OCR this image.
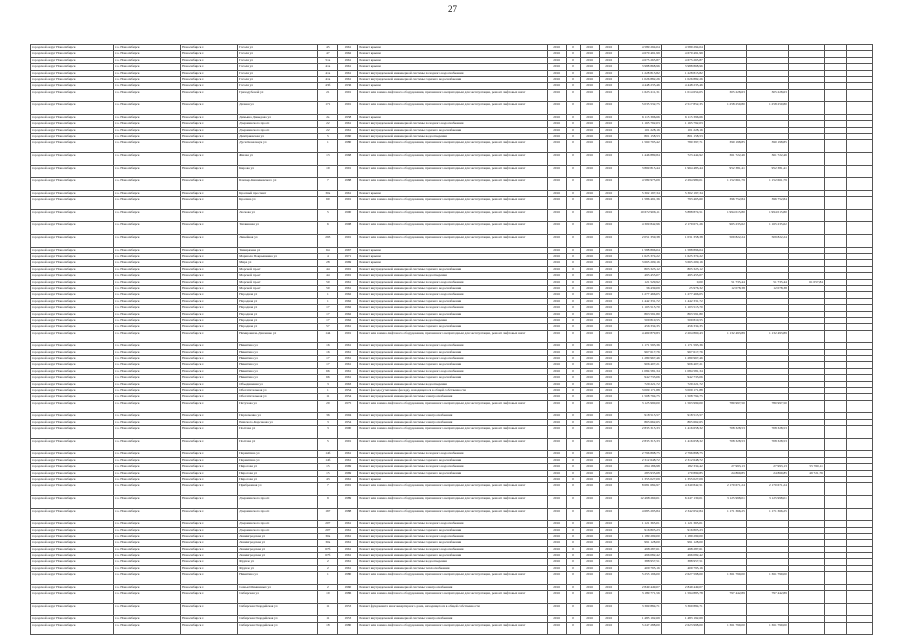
27
городской округ Новосибирск	г.о. Новосибирск	Новосибирск г.	Гоголя ул	45	1961	Ремонт крыши	2016	0	2016	2016	4 589 294,04	4 589 294,04					
городской округ Новосибирск	г.о. Новосибирск	Новосибирск г.	Гоголя ул	47	1962	Ремонт крыши	2016	0	2016	2016	4 670 491,99	4 670 491,99					
городской округ Новосибирск	г.о. Новосибирск	Новосибирск г.	Гоголя ул	51а	1961	Ремонт крыши	2016	0	2016	2016	4 675 265,87	4 675 265,87					
городской округ Новосибирск	г.о. Новосибирск	Новосибирск г.	Гоголя ул	41а	1961	Ремонт крыши	2016	0	2016	2016	3 988 868,96	3 988 868,96					
городской округ Новосибирск	г.о. Новосибирск	Новосибирск г.	Гоголя ул	41а	1961	Ремонт внутридомовой инженерной системы холодного водоснабжения	2016	0	2016	2016	1 228 813,82	1 228 813,82					
городской округ Новосибирск	г.о. Новосибирск	Новосибирск г.	Гоголя ул	41а	1961	Ремонт внутридомовой инженерной системы горячего водоснабжения	2016	0	2016	2016	1 026 882,26	1 026 882,26					
городской округ Новосибирск	г.о. Новосибирск	Новосибирск г.	Гоголя ул	43б	1936	Ремонт крыши	2016	0	2016	2016	4 448 235,46	4 448 235,46					
городской округ Новосибирск	г.о. Новосибирск	Новосибирск г.	Гризодубовой ул	21	1991	Ремонт или замена лифтового оборудования, признанного непригодным для эксплуатации, ремонт лифтовых шахт	2016	0	2016	2016	1 625 211,31	1 014 654,05	305 228,63	305 228,63			
городской округ Новосибирск	г.о. Новосибирск	Новосибирск г.	Дачная ул	171	1991	Ремонт или замена лифтового оборудования, признанного непригодным для эксплуатации, ремонт лифтовых шахт	2016	0	2016	2016	5 035 532,75	2 517 852,35	1 258 250,80	1 258 250,80			
городской округ Новосибирск	г.о. Новосибирск	Новосибирск г.	Демьяна Давыдова ул	2а	1958	Ремонт крыши	2016	0	2016	2016	6 115 396,66	6 115 396,66					
городской округ Новосибирск	г.о. Новосибирск	Новосибирск г.	Дзержинского просп	22	1961	Ремонт внутридомовой инженерной системы холодного водоснабжения	2016	0	2016	2016	1 165 792,03	1 165 792,03					
городской округ Новосибирск	г.о. Новосибирск	Новосибирск г.	Дзержинского просп	22	1961	Ремонт внутридомовой инженерной системы горячего водоснабжения	2016	0	2016	2016	101 228,16	101 228,16					
городской округ Новосибирск	г.о. Новосибирск	Новосибирск г.	Дмитриевская ул	5	1960	Ремонт внутридомовой инженерной системы водоотведения	2016	0	2016	2016	801 158,53	801 158,53					
городской округ Новосибирск	г.о. Новосибирск	Новосибирск г.	Дуси Ковальчук ул	1	1980	Ремонт или замена лифтового оборудования, признанного непригодным для эксплуатации, ремонт лифтовых шахт	2016	0	2016	2016	1 560 795,42	780 397,71	390 198,85	390 198,85			
городской округ Новосибирск	г.о. Новосибирск	Новосибирск г.	Жилая ул	13	1968	Ремонт или замена лифтового оборудования, признанного непригодным для эксплуатации, ремонт лифтовых шахт	2016	0	2016	2016	1 446 889,84	723 444,92	361 722,46	361 722,46			
городской округ Новосибирск	г.о. Новосибирск	Новосибирск г.	Кирова ул	19	1991	Ремонт или замена лифтового оборудования, признанного непригодным для эксплуатации, ремонт лифтовых шахт	2016	0	2016	2016	3 869 815,44	1 964 483,44	952 381,41	952 381,41			
городской округ Новосибирск	г.о. Новосибирск	Новосибирск г.	Блюхер-Кишиневского ул	7	1988	Ремонт или замена лифтового оборудования, признанного непригодным для эксплуатации, ремонт лифтовых шахт	2016	0	2016	2016	4 589 975,09	2 294 980,01	1 152 661,79	1 152 661,79			
городской округ Новосибирск	г.о. Новосибирск	Новосибирск г.	Красный проспект	30а	1961	Ремонт крыши	2016	0	2016	2016	5 302 197,34	5 302 197,34					
городской округ Новосибирск	г.о. Новосибирск	Новосибирск г.	Красина ул	60	1991	Ремонт или замена лифтового оборудования, признанного непригодным для эксплуатации, ремонт лифтовых шахт	2016	0	2016	2016	1 586 491,36	793 465,60	396 752,84	396 752,84			
городской округ Новосибирск	г.о. Новосибирск	Новосибирск г.	Лескова ул	5	1990	Ремонт или замена лифтового оборудования, признанного непригодным для эксплуатации, ремонт лифтовых шахт	2016	0	2016	2016	10 672 906,11	5 888 874,51	1 994 015,80	1 994 015,80			
городской округ Новосибирск	г.о. Новосибирск	Новосибирск г.	Тихвинная ул	6	1998	Ремонт или замена лифтового оборудования, признанного непригодным для эксплуатации, ремонт лифтовых шахт	2016	0	2016	2016	4 309 842,96	2 179 671,26	965 235,62	1 165 235,62			
городской округ Новосибирск	г.о. Новосибирск	Новосибирск г.	Линейная ул	293	1991	Ремонт или замена лифтового оборудования, признанного непригодным для эксплуатации, ремонт лифтовых шахт	2016	0	2016	2016	2 051 359,38	1 031 358,38	509 822,24	509 822,24			
городской округ Новосибирск	г.о. Новосибирск	Новосибирск г.	Тимирязева ул	64	1967	Ремонт крыши	2016	0	2016	2016	1 588 896,04	1 588 896,04					
городской округ Новосибирск	г.о. Новосибирск	Новосибирск г.	Маршала Покрышкина ул	4	1971	Ремонт крыши	2016	0	2016	2016	1 625 374,22	1 625 374,22					
городской округ Новосибирск	г.о. Новосибирск	Новосибирск г.	Мира ул	28	1969	Ремонт крыши	2016	0	2016	2016	3 665 209,16	3 665 209,16					
городской округ Новосибирск	г.о. Новосибирск	Новосибирск г.	Морской пр-кт	44	1991	Ремонт внутридомовой инженерной системы горячего водоснабжения	2016	0	2016	2016	805 323,12	805 323,12					
городской округ Новосибирск	г.о. Новосибирск	Новосибирск г.	Морской пр-кт	44	1991	Ремонт внутридомовой инженерной системы водоотведения	2016	0	2016	2016	495 455,07	495 455,07					
городской округ Новосибирск	г.о. Новосибирск	Новосибирск г.	Морской пр-кт	50	1961	Ремонт внутридомовой инженерной системы холодного водоснабжения	2016	0	2016	2016	121 529,92	0,00	51 735,44	51 735,44	61 057,84		
городской округ Новосибирск	г.о. Новосибирск	Новосибирск г.	Морской пр-кт	50	1961	Ремонт внутридомовой инженерной системы горячего водоснабжения	2016	0	2016	2016	36 439,09	25 976,32	12 078,38	12 078,38			
городской округ Новосибирск	г.о. Новосибирск	Новосибирск г.	Народная ул	1	1962	Ремонт внутридомовой инженерной системы холодного водоснабжения	2016	0	2016	2016	1 277 466,05	1 277 466,05					
городской округ Новосибирск	г.о. Новосибирск	Новосибирск г.	Народная ул	1	1962	Ремонт внутридомовой инженерной системы горячего водоснабжения	2016	0	2016	2016	1 442 331,72	1 442 331,72					
городской округ Новосибирск	г.о. Новосибирск	Новосибирск г.	Народная ул	17	1962	Ремонт внутридомовой инженерной системы холодного водоснабжения	2016	0	2016	2016	1 103 515,70	1 103 515,70					
городской округ Новосибирск	г.о. Новосибирск	Новосибирск г.	Народная ул	17	1962	Ремонт внутридомовой инженерной системы горячего водоснабжения	2016	0	2016	2016	863 591,80	863 591,80					
городской округ Новосибирск	г.о. Новосибирск	Новосибирск г.	Народная ул	17	1962	Ремонт внутридомовой инженерной системы водоотведения	2016	0	2016	2016	509 810,55	509 810,55					
городской округ Новосибирск	г.о. Новосибирск	Новосибирск г.	Народная ул	57	1961	Ремонт внутридомовой инженерной системы горячего водоснабжения	2016	0	2016	2016	456 334,35	456 334,35					
городской округ Новосибирск	г.о. Новосибирск	Новосибирск г.	Немировича-Данченко ул	144	1991	Ремонт или замена лифтового оборудования, признанного непригодным для эксплуатации, ремонт лифтовых шахт	2016	0	2016	2016	4 469 879,83	2 204 860,43	1 132 493,89	1 132 493,89			
городской округ Новосибирск	г.о. Новосибирск	Новосибирск г.	Никитина ул	16	1961	Ремонт внутридомовой инженерной системы холодного водоснабжения	2016	0	2016	2016	1 171 593,36	1 171 593,36					
городской округ Новосибирск	г.о. Новосибирск	Новосибирск г.	Никитина ул	16	1961	Ремонт внутридомовой инженерной системы горячего водоснабжения	2016	0	2016	2016	967 617,76	967 617,76					
городской округ Новосибирск	г.о. Новосибирск	Новосибирск г.	Никитина ул	17	1961	Ремонт внутридомовой инженерной системы холодного водоснабжения	2016	0	2016	2016	1 280 967,46	1 280 967,46					
городской округ Новосибирск	г.о. Новосибирск	Новосибирск г.	Никитина ул	17	1961	Ремонт внутридомовой инженерной системы горячего водоснабжения	2016	0	2016	2016	906 407,21	906 407,21					
городской округ Новосибирск	г.о. Новосибирск	Новосибирск г.	Никитина ул	66	1961	Ремонт внутридомовой инженерной системы холодного водоснабжения	2016	0	2016	2016	1 084 581,34	1 084 581,34					
городской округ Новосибирск	г.о. Новосибирск	Новосибирск г.	Никитина ул	66	1961	Ремонт внутридомовой инженерной системы горячего водоснабжения	2016	0	2016	2016	942 733,06	942 733,06					
городской округ Новосибирск	г.о. Новосибирск	Новосибирск г.	Объединения ул	3	1963	Ремонт внутридомовой инженерной системы водоотведения	2016	0	2016	2016	729 221,72	729 221,72					
городской округ Новосибирск	г.о. Новосибирск	Новосибирск г.	Обогатительная ул	1	1954	Ремонт фасада (утепление фасада), находящегося в общей собственности	2016	0	2016	2016	3 009 171,88	3 009 171,88					
городской округ Новосибирск	г.о. Новосибирск	Новосибирск г.	Обогатительная ул	11	1954	Ремонт внутридомовой инженерной системы электроснабжения	2016	0	2016	2016	1 508 794,75	1 508 794,75					
городской округ Новосибирск	г.о. Новосибирск	Новосибирск г.	Петухова ул	29	1975	Ремонт или замена лифтового оборудования, признанного непригодным для эксплуатации, ремонт лифтовых шахт	2016	0	2016	2016	3 125 990,00	1 563 999,00	780 997,50	780 997,50			
городской округ Новосибирск	г.о. Новосибирск	Новосибирск г.	Пархоменко ул	36	1994	Ремонт внутридомовой инженерной системы электроснабжения	2016	0	2016	2016	918 513,57	918 513,57					
городской округ Новосибирск	г.о. Новосибирск	Новосибирск г.	Римского-Корсакова ул	3	1954	Ремонт внутридомовой инженерной системы электроснабжения	2016	0	2016	2016	865 662,65	865 662,65					
городской округ Новосибирск	г.о. Новосибирск	Новосибирск г.	Полтава ул	3	1990	Ремонт или замена лифтового оборудования, признанного непригодным для эксплуатации, ремонт лифтовых шахт	2016	0	2016	2016	2 833 315,33	1 416 658,32	708 328,53	708 328,53			
городской округ Новосибирск	г.о. Новосибирск	Новосибирск г.	Полтава ул	5	1991	Ремонт или замена лифтового оборудования, признанного непригодным для эксплуатации, ремонт лифтовых шахт	2016	0	2016	2016	2 833 315,33	1 416 658,32	708 328,53	708 328,53			
городской округ Новосибирск	г.о. Новосибирск	Новосибирск г.	Пермитина ул	14б	1961	Ремонт внутридомовой инженерной системы холодного водоснабжения	2016	0	2016	2016	2 796 898,75	2 796 898,75					
городской округ Новосибирск	г.о. Новосибирск	Новосибирск г.	Пермитина ул	14б	1961	Ремонт внутридомовой инженерной системы горячего водоснабжения	2016	0	2016	2016	2 312 648,72	2 312 648,72					
городской округ Новосибирск	г.о. Новосибирск	Новосибирск г.	Пирогова ул	15	1969	Ремонт внутридомовой инженерной системы холодного водоснабжения	2016	0	2016	2016	294 186,98	182 334,42	27 993,13	27 993,13	55 760,11		
городской округ Новосибирск	г.о. Новосибирск	Новосибирск г.	Пирогова ул	15	1969	Ремонт внутридомовой инженерной системы горячего водоснабжения	2016	0	2016	2016	285 935,68	170 899,85	24 869,85	24 869,85	49 721,76		
городской округ Новосибирск	г.о. Новосибирск	Новосибирск г.	Пирогова ул	43	1961	Ремонт крыши	2016	0	2016	2016	1 355 027,09	1 355 027,09					
городской округ Новосибирск	г.о. Новосибирск	Новосибирск г.	Прибрежная ул	7	1991	Ремонт или замена лифтового оборудования, признанного непригодным для эксплуатации, ремонт лифтовых шахт	2016	0	2016	2016	8 681 684,97	4 340 842,51	2 170 671,24	2 170 671,24			
городской округ Новосибирск	г.о. Новосибирск	Новосибирск г.	Дзержинского просп	9	1989	Ремонт или замена лифтового оборудования, признанного непригодным для эксплуатации, ремонт лифтовых шахт	2016	0	2016	2016	12 498 260,01	6 247 130,01	3 125 998,01	3 125 998,01			
городской округ Новосибирск	г.о. Новосибирск	Новосибирск г.	Дзержинского просп	167	1988	Ремонт или замена лифтового оборудования, признанного непригодным для эксплуатации, ремонт лифтовых шахт	2016	0	2016	2016	4 685 295,84	2 342 652,84	1 171 366,25	1 171 366,25			
городской округ Новосибирск	г.о. Новосибирск	Новосибирск г.	Дзержинского просп	207	1961	Ремонт внутридомовой инженерной системы холодного водоснабжения	2016	0	2016	2016	1 121 365,01	1 121 365,01					
городской округ Новосибирск	г.о. Новосибирск	Новосибирск г.	Дзержинского просп	207	1961	Ремонт внутридомовой инженерной системы горячего водоснабжения	2016	0	2016	2016	916 805,23	916 805,23					
городской округ Новосибирск	г.о. Новосибирск	Новосибирск г.	Ленинградская ул	30а	1961	Ремонт внутридомовой инженерной системы холодного водоснабжения	2016	0	2016	2016	1 189 299,00	1 189 299,00					
городской округ Новосибирск	г.о. Новосибирск	Новосибирск г.	Ленинградская ул	30а	1961	Ремонт внутридомовой инженерной системы горячего водоснабжения	2016	0	2016	2016	991 128,00	991 128,00					
городской округ Новосибирск	г.о. Новосибирск	Новосибирск г.	Ленинградская ул	67б	1961	Ремонт внутридомовой инженерной системы холодного водоснабжения	2016	0	2016	2016	498 287,61	498 287,61					
городской округ Новосибирск	г.о. Новосибирск	Новосибирск г.	Ленинградская ул	67б	1961	Ремонт внутридомовой инженерной системы горячего водоснабжения	2016	0	2016	2016	496 082,42	496 082,42					
городской округ Новосибирск	г.о. Новосибирск	Новосибирск г.	Фрунзе ул	2	1961	Ремонт внутридомовой инженерной системы водоотведения	2016	0	2016	2016	388 957,51	388 957,51					
городской округ Новосибирск	г.о. Новосибирск	Новосибирск г.	Фрунзе ул	2	1961	Ремонт внутридомовой инженерной системы теплоснабжения	2016	0	2016	2016	409 795,16	409 795,16					
городской округ Новосибирск	г.о. Новосибирск	Новосибирск г.	Никитина ул	1	1980	Ремонт или замена лифтового оборудования, признанного непригодным для эксплуатации, ремонт лифтовых шахт	2016	0	2016	2016	5 253 196,00	2 627 598,00	1 361 799,00	1 361 799,00			
городской округ Новосибирск	г.о. Новосибирск	Новосибирск г.	Семьи Шамшиных ул	2	1960	Ремонт внутридомовой инженерной системы электроснабжения	2016	0	2016	2016	2 849 449,07	2 849 449,07					
городской округ Новосибирск	г.о. Новосибирск	Новосибирск г.	Сибирская ул	19	1986	Ремонт или замена лифтового оборудования, признанного непригодным для эксплуатации, ремонт лифтовых шахт	2016	0	2016	2016	3 189 771,56	1 594 885,78	797 442,89	797 442,89			
городской округ Новосибирск	г.о. Новосибирск	Новосибирск г.	Сибирская Гвардейская ул	11	1953	Ремонт фундамента многоквартирного дома, находящегося в общей собственности	2016	0	2016	2016	3 369 884,71	3 369 884,71					
городской округ Новосибирск	г.о. Новосибирск	Новосибирск г.	Сибирская Гвардейская ул	11	1953	Ремонт внутридомовой инженерной системы электроснабжения	2016	0	2016	2016	1 483 192,69	1 483 192,69					
городской округ Новосибирск	г.о. Новосибирск	Новосибирск г.	Сибирская Гвардейская ул	18	1980	Ремонт или замена лифтового оборудования, признанного непригодным для эксплуатации, ремонт лифтовых шахт	2016	0	2016	2016	5 247 288,00	2 623 998,00	1 361 799,00	1 361 799,00			
